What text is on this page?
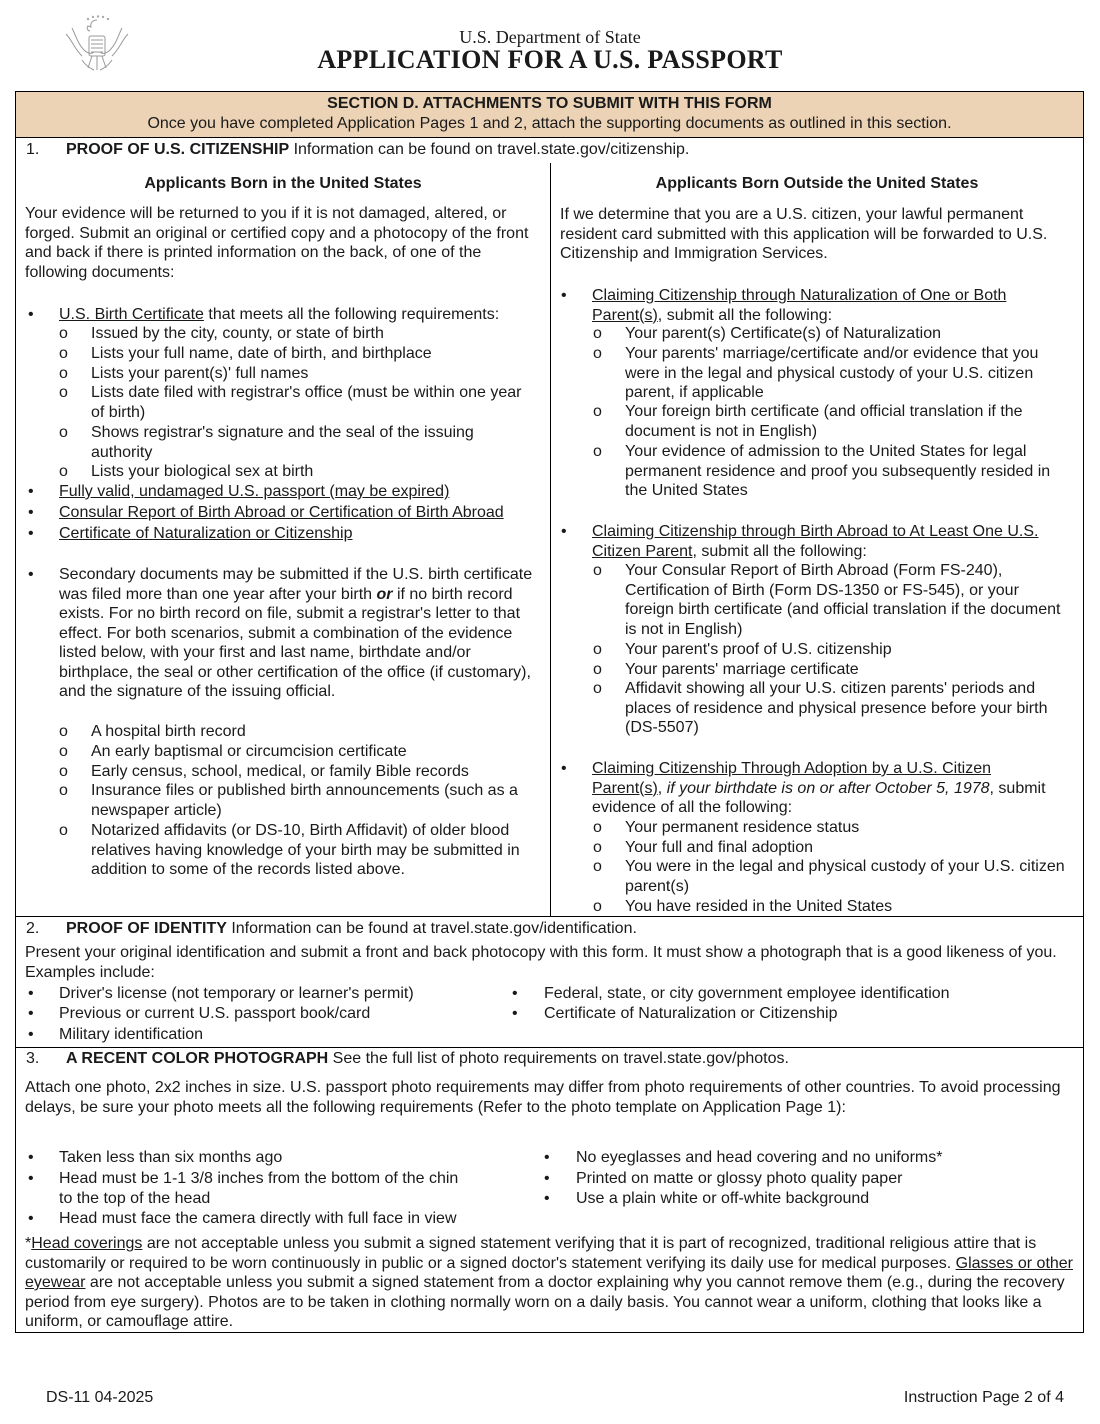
U.S. Department of State
APPLICATION FOR A U.S. PASSPORT
SECTION D. ATTACHMENTS TO SUBMIT WITH THIS FORM
Once you have completed Application Pages 1 and 2, attach the supporting documents as outlined in this section.
1. PROOF OF U.S. CITIZENSHIP Information can be found on travel.state.gov/citizenship.
Applicants Born in the United States
Your evidence will be returned to you if it is not damaged, altered, or forged. Submit an original or certified copy and a photocopy of the front and back if there is printed information on the back, of one of the following documents:
• U.S. Birth Certificate that meets all the following requirements:
o Issued by the city, county, or state of birth
o Lists your full name, date of birth, and birthplace
o Lists your parent(s)' full names
o Lists date filed with registrar's office (must be within one year of birth)
o Shows registrar's signature and the seal of the issuing authority
o Lists your biological sex at birth
• Fully valid, undamaged U.S. passport (may be expired)
• Consular Report of Birth Abroad or Certification of Birth Abroad
• Certificate of Naturalization or Citizenship
• Secondary documents may be submitted if the U.S. birth certificate was filed more than one year after your birth or if no birth record exists. For no birth record on file, submit a registrar's letter to that effect. For both scenarios, submit a combination of the evidence listed below, with your first and last name, birthdate and/or birthplace, the seal or other certification of the office (if customary), and the signature of the issuing official.
o A hospital birth record
o An early baptismal or circumcision certificate
o Early census, school, medical, or family Bible records
o Insurance files or published birth announcements (such as a newspaper article)
o Notarized affidavits (or DS-10, Birth Affidavit) of older blood relatives having knowledge of your birth may be submitted in addition to some of the records listed above.
Applicants Born Outside the United States
If we determine that you are a U.S. citizen, your lawful permanent resident card submitted with this application will be forwarded to U.S. Citizenship and Immigration Services.
• Claiming Citizenship through Naturalization of One or Both Parent(s), submit all the following:
o Your parent(s) Certificate(s) of Naturalization
o Your parents' marriage/certificate and/or evidence that you were in the legal and physical custody of your U.S. citizen parent, if applicable
o Your foreign birth certificate (and official translation if the document is not in English)
o Your evidence of admission to the United States for legal permanent residence and proof you subsequently resided in the United States
• Claiming Citizenship through Birth Abroad to At Least One U.S. Citizen Parent, submit all the following:
o Your Consular Report of Birth Abroad (Form FS-240), Certification of Birth (Form DS-1350 or FS-545), or your foreign birth certificate (and official translation if the document is not in English)
o Your parent's proof of U.S. citizenship
o Your parents' marriage certificate
o Affidavit showing all your U.S. citizen parents' periods and places of residence and physical presence before your birth (DS-5507)
• Claiming Citizenship Through Adoption by a U.S. Citizen Parent(s), if your birthdate is on or after October 5, 1978, submit evidence of all the following:
o Your permanent residence status
o Your full and final adoption
o You were in the legal and physical custody of your U.S. citizen parent(s)
o You have resided in the United States
2. PROOF OF IDENTITY Information can be found at travel.state.gov/identification.
Present your original identification and submit a front and back photocopy with this form. It must show a photograph that is a good likeness of you. Examples include:
• Driver's license (not temporary or learner's permit)
• Previous or current U.S. passport book/card
• Military identification
• Federal, state, or city government employee identification
• Certificate of Naturalization or Citizenship
3. A RECENT COLOR PHOTOGRAPH See the full list of photo requirements on travel.state.gov/photos.
Attach one photo, 2x2 inches in size. U.S. passport photo requirements may differ from photo requirements of other countries. To avoid processing delays, be sure your photo meets all the following requirements (Refer to the photo template on Application Page 1):
• Taken less than six months ago
• Head must be 1-1 3/8 inches from the bottom of the chin to the top of the head
• Head must face the camera directly with full face in view
• No eyeglasses and head covering and no uniforms*
• Printed on matte or glossy photo quality paper
• Use a plain white or off-white background
*Head coverings are not acceptable unless you submit a signed statement verifying that it is part of recognized, traditional religious attire that is customarily or required to be worn continuously in public or a signed doctor's statement verifying its daily use for medical purposes. Glasses or other eyewear are not acceptable unless you submit a signed statement from a doctor explaining why you cannot remove them (e.g., during the recovery period from eye surgery). Photos are to be taken in clothing normally worn on a daily basis. You cannot wear a uniform, clothing that looks like a uniform, or camouflage attire.
DS-11 04-2025	Instruction Page 2 of 4
